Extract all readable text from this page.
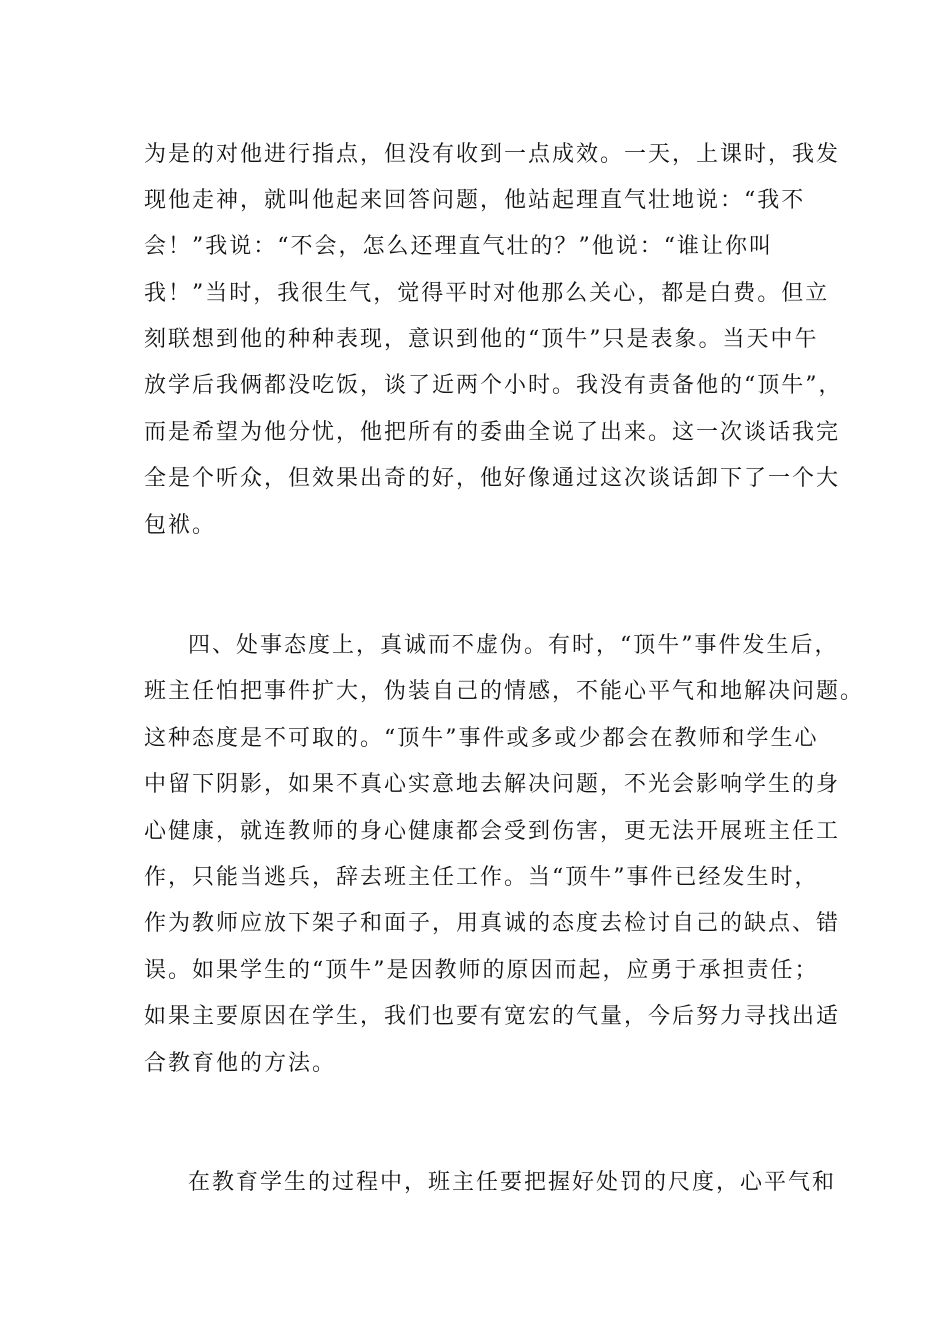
为是的对他进行指点，但没有收到一点成效。一天，上课时，我发
现他走神，就叫他起来回答问题，他站起理直气壮地说：“我不
会！”我说：“不会，怎么还理直气壮的？”他说：“谁让你叫
我！”当时，我很生气，觉得平时对他那么关心，都是白费。但立
刻联想到他的种种表现，意识到他的“顶牛”只是表象。当天中午
放学后我俩都没吃饭，谈了近两个小时。我没有责备他的“顶牛”，
而是希望为他分忧，他把所有的委曲全说了出来。这一次谈话我完
全是个听众，但效果出奇的好，他好像通过这次谈话卸下了一个大
包袱。
四、处事态度上，真诚而不虚伪。有时，“顶牛”事件发生后，
班主任怕把事件扩大，伪装自己的情感，不能心平气和地解决问题。
这种态度是不可取的。“顶牛”事件或多或少都会在教师和学生心
中留下阴影，如果不真心实意地去解决问题，不光会影响学生的身
心健康，就连教师的身心健康都会受到伤害，更无法开展班主任工
作，只能当逃兵，辞去班主任工作。当“顶牛”事件已经发生时，
作为教师应放下架子和面子，用真诚的态度去检讨自己的缺点、错
误。如果学生的“顶牛”是因教师的原因而起，应勇于承担责任；
如果主要原因在学生，我们也要有宽宏的气量，今后努力寻找出适
合教育他的方法。
在教育学生的过程中，班主任要把握好处罚的尺度，心平气和
